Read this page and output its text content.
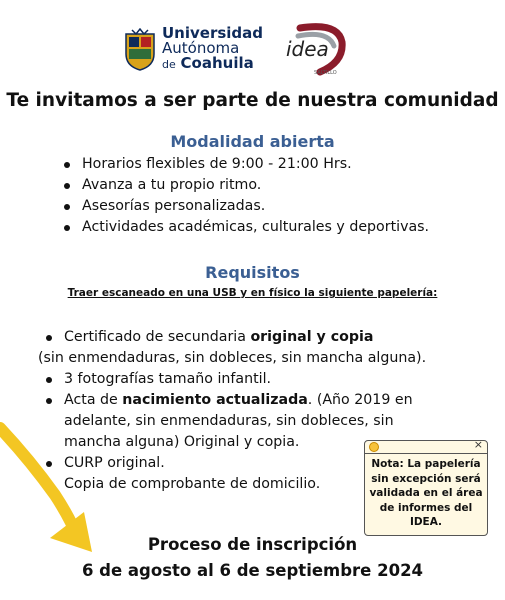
Universidad
Autónoma
de Coahuila
idea
SALTILLO
Te invitamos a ser parte de nuestra comunidad
Modalidad abierta
Horarios flexibles de 9:00 - 21:00 Hrs.
Avanza a tu propio ritmo.
Asesorías personalizadas.
Actividades académicas, culturales y deportivas.
Requisitos
Traer escaneado en una USB y en físico la siguiente papelería:
Certificado de secundaria original y copia
(sin enmendaduras, sin dobleces, sin mancha alguna).
3 fotografías tamaño infantil.
Acta de nacimiento actualizada. (Año 2019 en
adelante, sin enmendaduras, sin dobleces, sin
mancha alguna) Original y copia.
CURP original.
Copia de comprobante de domicilio.
×
Nota: La papelería sin excepción será validada en el área de informes del IDEA.
Proceso de inscripción
6 de agosto al 6 de septiembre 2024
